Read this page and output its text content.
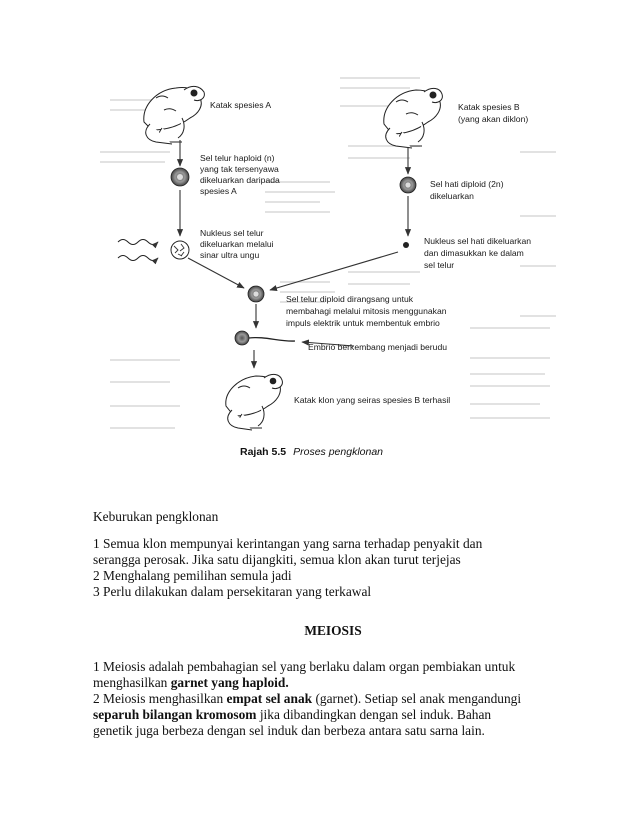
Katak spesies A	Katak spesies B
(yang akan diklon)
Sel telur haploid (n)
yang tak tersenyawa
dikeluarkan daripada
spesies A
Nukleus sel telur
dikeluarkan melalui
sinar ultra ungu
Sel hati diploid (2n)
dikeluarkan
Nukleus sel hati dikeluarkan
dan dimasukkan ke dalam
sel telur
Sel telur diploid dirangsang untuk
membahagi melalui mitosis menggunakan
impuls elektrik untuk membentuk embrio
Embrio berkembang menjadi berudu
Katak klon yang seiras spesies B terhasil
Rajah 5.5 Proses pengklonan

Keburukan pengklonan

1 Semua klon mempunyai kerintangan yang sarna terhadap penyakit dan

serangga perosak. Jika satu dijangkiti, semua klon akan turut terjejas

2 Menghalang pemilihan semula jadi

3 Perlu dilakukan dalam persekitaran yang terkawal

MEIOSIS

1 Meiosis adalah pembahagian sel yang berlaku dalam organ pembiakan untuk

menghasilkan garnet yang haploid.

2 Meiosis menghasilkan empat sel anak (garnet). Setiap sel anak mengandungi

separuh bilangan kromosom jika dibandingkan dengan sel induk. Bahan

genetik juga berbeza dengan sel induk dan berbeza antara satu sarna lain.
